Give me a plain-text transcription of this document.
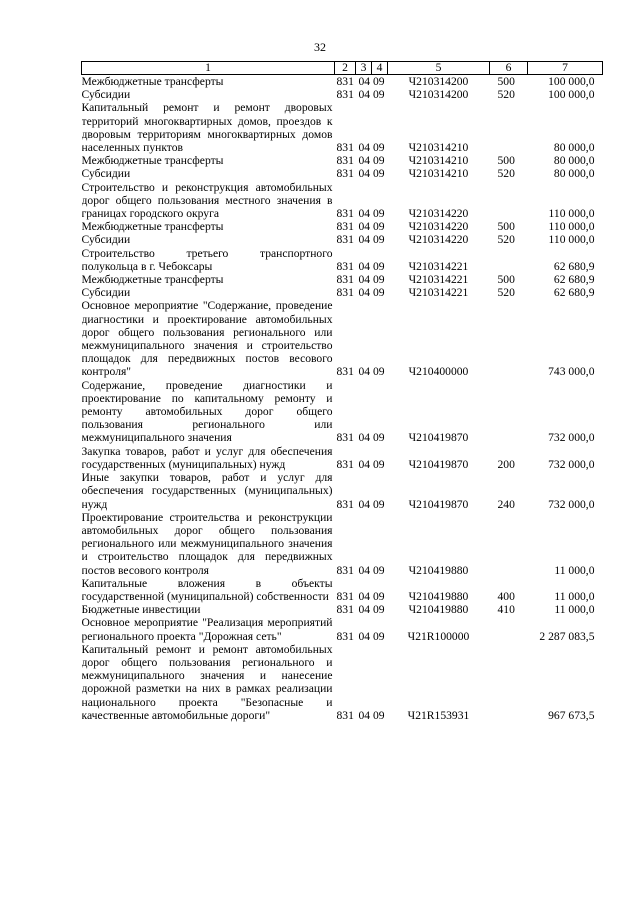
32
1	2	3	4	5	6	7
Межбюджетные трансферты	831	04 09		Ч210314200	500	100 000,0
Субсидии	831	04 09		Ч210314200	520	100 000,0
Капитальный ремонт и ремонт дворовых территорий многоквартирных домов, проездов к дворовым территориям многоквартирных домов населенных пунктов	831	04 09		Ч210314210		80 000,0
Межбюджетные трансферты	831	04 09		Ч210314210	500	80 000,0
Субсидии	831	04 09		Ч210314210	520	80 000,0
Строительство и реконструкция автомобильных дорог общего пользования местного значения в границах городского округа	831	04 09		Ч210314220		110 000,0
Межбюджетные трансферты	831	04 09		Ч210314220	500	110 000,0
Субсидии	831	04 09		Ч210314220	520	110 000,0
Строительство третьего транспортного полукольца в г. Чебоксары	831	04 09		Ч210314221		62 680,9
Межбюджетные трансферты	831	04 09		Ч210314221	500	62 680,9
Субсидии	831	04 09		Ч210314221	520	62 680,9
Основное мероприятие "Содержание, проведение диагностики и проектирование автомобильных дорог общего пользования регионального или межмуниципального значения и строительство площадок для передвижных постов весового контроля"	831	04 09		Ч210400000		743 000,0
Содержание, проведение диагностики и проектирование по капитальному ремонту и ремонту автомобильных дорог общего пользования регионального или межмуниципального значения	831	04 09		Ч210419870		732 000,0
Закупка товаров, работ и услуг для обеспечения государственных (муниципальных) нужд	831	04 09		Ч210419870	200	732 000,0
Иные закупки товаров, работ и услуг для обеспечения государственных (муниципальных) нужд	831	04 09		Ч210419870	240	732 000,0
Проектирование строительства и реконструкции автомобильных дорог общего пользования регионального или межмуниципального значения и строительство площадок для передвижных постов весового контроля	831	04 09		Ч210419880		11 000,0
Капитальные вложения в объекты государственной (муниципальной) собственности	831	04 09		Ч210419880	400	11 000,0
Бюджетные инвестиции	831	04 09		Ч210419880	410	11 000,0
Основное мероприятие "Реализация мероприятий регионального проекта "Дорожная сеть"	831	04 09		Ч21R100000		2 287 083,5
Капитальный ремонт и ремонт автомобильных дорог общего пользования регионального и межмуниципального значения и нанесение дорожной разметки на них в рамках реализации национального проекта "Безопасные и качественные автомобильные дороги"	831	04 09		Ч21R153931		967 673,5
